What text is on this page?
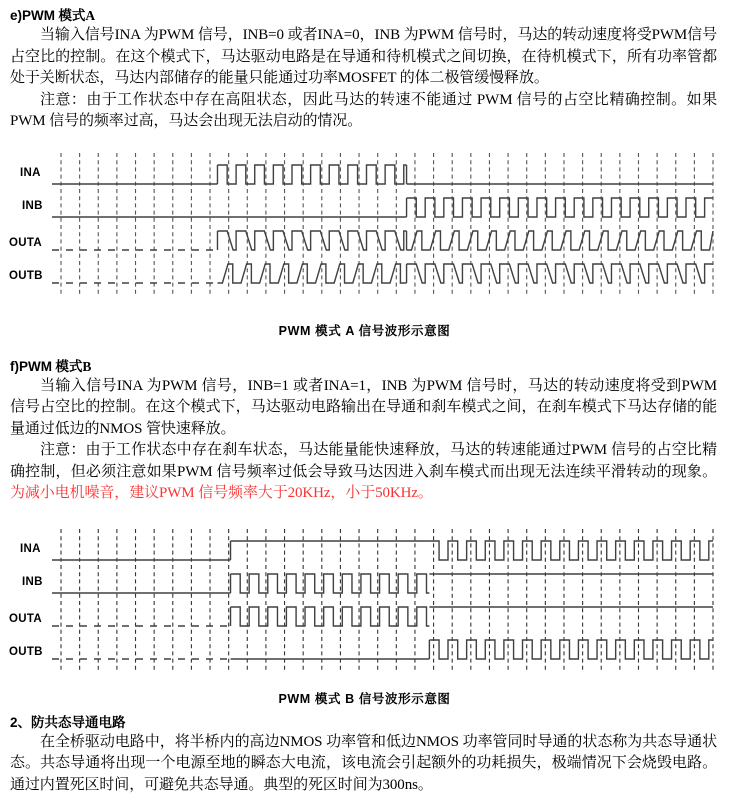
e)PWM 模式A

当输入信号INA 为PWM 信号，INB=0 或者INA=0，INB 为PWM 信号时，马达的转动速度将受PWM信号占空比的控制。在这个模式下，马达驱动电路是在导通和待机模式之间切换，在待机模式下，所有功率管都处于关断状态，马达内部储存的能量只能通过功率MOSFET 的体二极管缓慢释放。

注意：由于工作状态中存在高阻状态，因此马达的转速不能通过 PWM 信号的占空比精确控制。如果 PWM 信号的频率过高，马达会出现无法启动的情况。

INA
INB
OUTA
OUTB

PWM 模式 A 信号波形示意图

f)PWM 模式B

当输入信号INA 为PWM 信号，INB=1 或者INA=1，INB 为PWM 信号时，马达的转动速度将受到PWM 信号占空比的控制。在这个模式下，马达驱动电路输出在导通和刹车模式之间，在刹车模式下马达存储的能量通过低边的NMOS 管快速释放。

注意：由于工作状态中存在刹车状态，马达能量能快速释放，马达的转速能通过PWM 信号的占空比精确控制，但必须注意如果PWM 信号频率过低会导致马达因进入刹车模式而出现无法连续平滑转动的现象。 为减小电机噪音，建议PWM 信号频率大于20KHz，小于50KHz。

INA
INB
OUTA
OUTB

PWM 模式 B 信号波形示意图

2、防共态导通电路

在全桥驱动电路中，将半桥内的高边NMOS 功率管和低边NMOS 功率管同时导通的状态称为共态导通状态。共态导通将出现一个电源至地的瞬态大电流，该电流会引起额外的功耗损失，极端情况下会烧毁电路。通过内置死区时间，可避免共态导通。典型的死区时间为300ns。
